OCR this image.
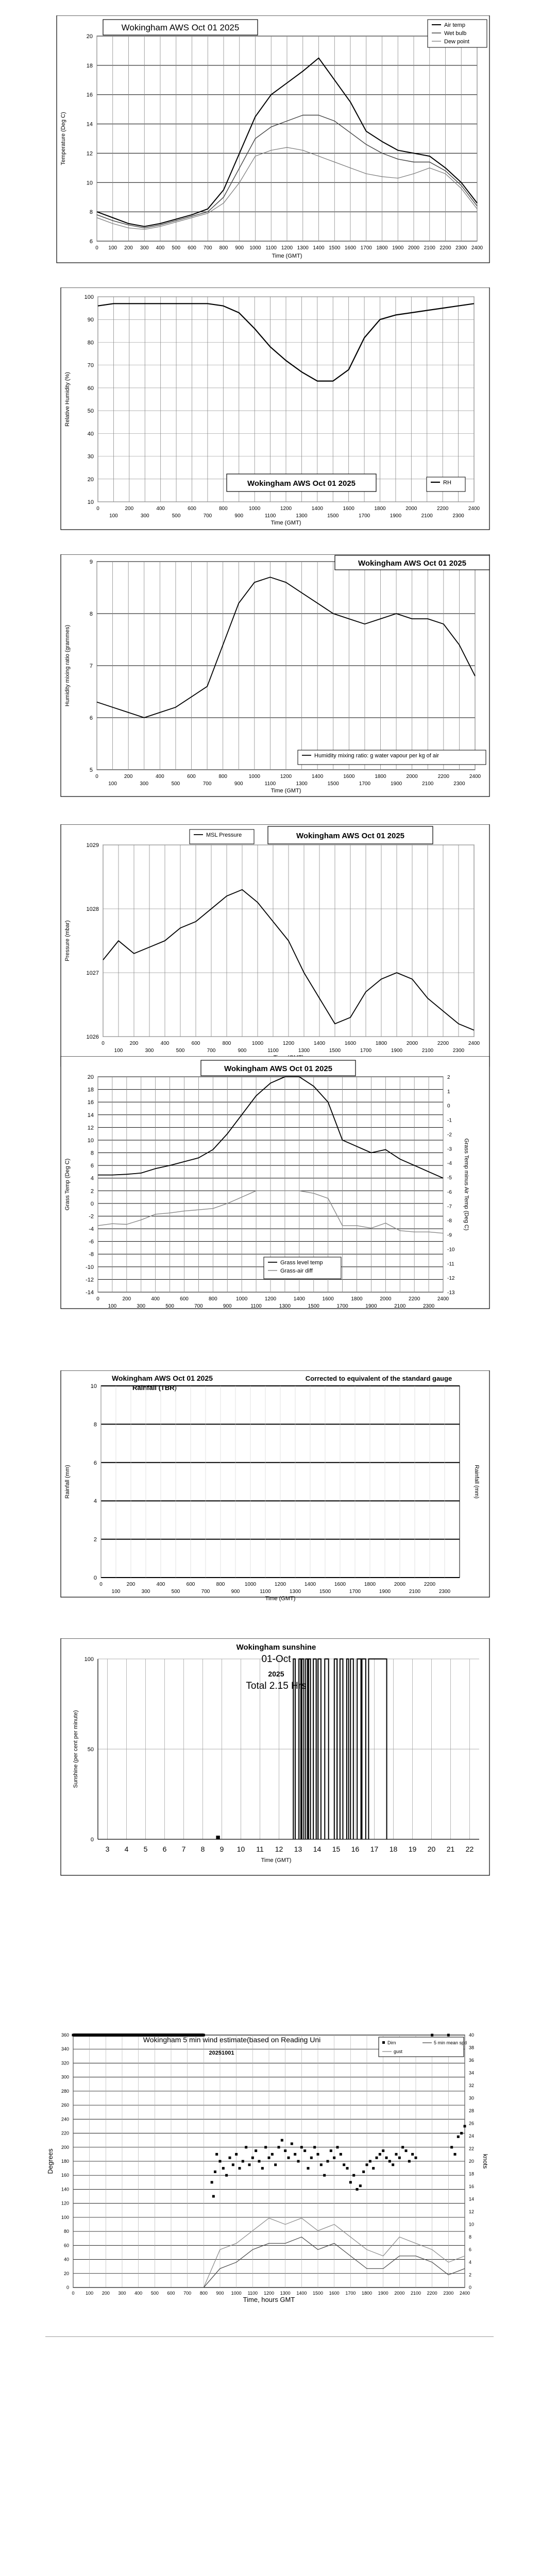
6
8
10
12
14
16
18
20
0 100 200 300 400 500 600 700 800 900 1000 1100 1200 1300 1400 1500 1600 1700 1800 1900 2000 2100 2200 2300 2400
Time (GMT)
Temperature (Deg C)
Wokingham AWS Oct 01 2025	Air temp
Wet bulb
Dew point
10
20
30
40
50
60
70
80
90
100
0	200	400	600	800	1000	1200	1400	1600	1800	2000	2200	2400
100	300	500	700	900	1100	1300	1500	1700	1900	2100	2300
Time (GMT)
Relative Humidity (%)
RH
Wokingham AWS Oct 01 2025
5
6
7
8
9
0	200	400	600	800	1000	1200	1400	1600	1800	2000	2200	2400
100	300	500	700	900	1100	1300	1500	1700	1900	2100	2300
Time (GMT)
Humidity mixing ratio (grammes)
Wokingham AWS Oct 01 2025
Humidity mixing ratio: g water vapour per kg of air
1026
1027
1028
1029
0	200	400	600	800	1000	1200	1400	1600	1800	2000	2200	2400
100	300	500	700	900	1100	1300	1500	1700	1900	2100	2300
Pressure (mbar)
Wokingham AWS Oct 01 2025
MSL Pressure
-14
-12
-10
-8
-6
-4
-2
0
2
4
6
8
10
12
14
16
18
20
0	200	400	600	800	1000	1200	1400	1600	1800	2000	2200	2400
100	300	500	700	900	1100	1300	1500	1700	1900	2100	2300
Grass Temp (Deg C)
Wokingham AWS Oct 01 2025
Grass level temp
Grass-air diff
-13
-12
-11
-10
-9
-8
-7
-6
-5
-4
-3
-2
-1
0
1
2
Grass Temp minus Air Temp (Deg C)
0
2
4
6
8
10
0	200	400	600	800	1000	1200	1400	1600	1800	2000	2200
100	300	500	700	900	1100	1300	1500	1700	1900	2100	2300
Time (GMT)
Rainfall (mm)
Wokingham AWS Oct 01 2025
Rainfall (TBR)
Corrected to equivalent of the standard gauge
Rainfall (mm)
3 4 5 6 7 8 9 10 11 12 13 14 15 16 17 18 19 20 21 22
0
50
100
Wokingham sunshine
01-Oct
2025
Total 2.15 Hrs
Time (GMT)
Sunshine (per cent per minute)
0
20
40
60
80
100
120
140
160
180
200
220
240
260
280
300
320
340
360
0
2
4
6
8
10
12
14
16
18
20
22
24
26
28
30
32
34
36
38
40
0 100 200 300 400 500 600 700 800 900 1000 1100 1200 1300 1400 1500 1600 1700 1800 1900 2000 2100 2200 2300 2400
Time, hours GMT
Degrees	knots
Wokingham 5 min wind estimate(based on Reading Uni
20251001
Dirn	5 min mean spd
gust
